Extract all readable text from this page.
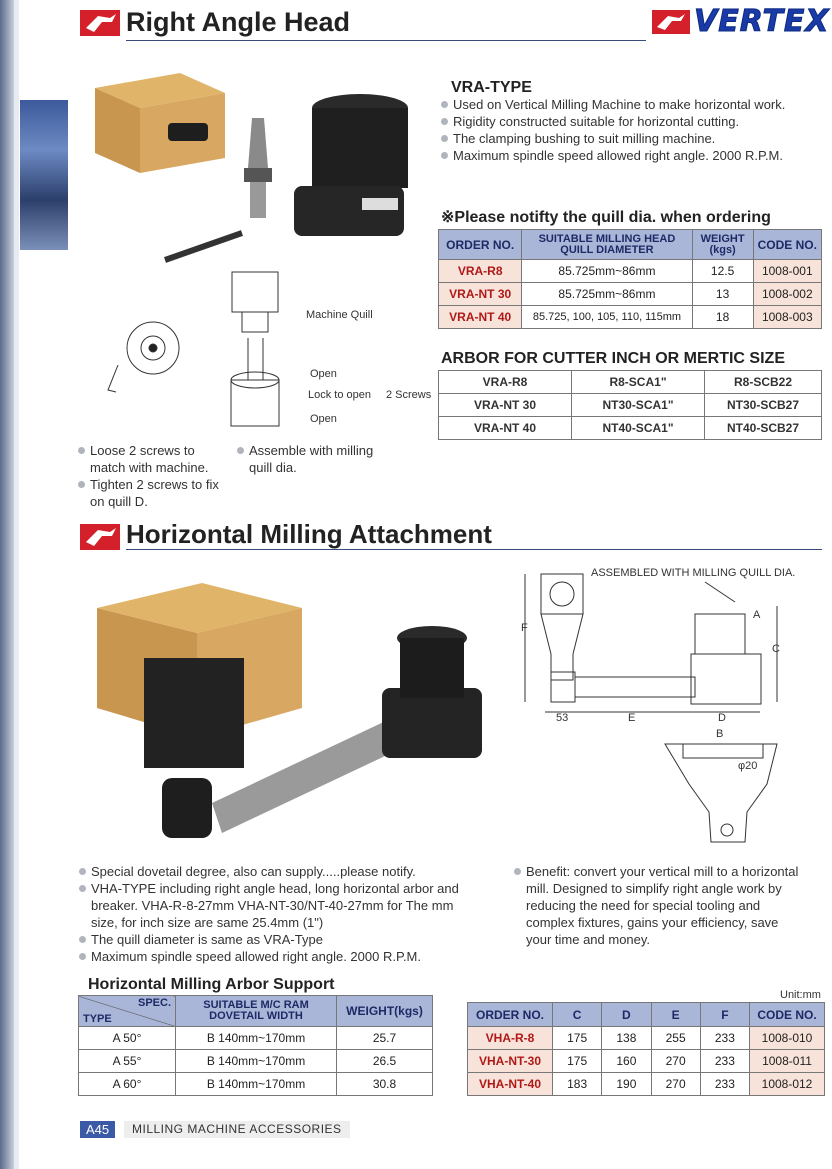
Right Angle Head	VERTEX
VRA-TYPE
Used on Vertical Milling Machine to make horizontal work.
Rigidity constructed suitable for horizontal cutting.
The clamping bushing to suit milling machine.
Maximum spindle speed allowed right angle. 2000 R.P.M.
※Please notifty the quill dia. when ordering
ORDER NO.	SUITABLE MILLING HEAD QUILL DIAMETER	WEIGHT (kgs)	CODE NO.
VRA-R8	85.725mm~86mm	12.5	1008-001
VRA-NT 30	85.725mm~86mm	13	1008-002
VRA-NT 40	85.725, 100, 105, 110, 115mm	18	1008-003
ARBOR FOR CUTTER INCH OR MERTIC SIZE
VRA-R8	R8-SCA1"	R8-SCB22
VRA-NT 30	NT30-SCA1"	NT30-SCB27
VRA-NT 40	NT40-SCA1"	NT40-SCB27
Machine Quill
Open
Lock to open
Open
2 Screws
Loose 2 screws to match with machine.
Tighten 2 screws to fix on quill D.
Assemble with milling quill dia.
Horizontal Milling Attachment
ASSEMBLED WITH MILLING QUILL DIA.
F
C
A
53	E	D
B
φ20
Special dovetail degree, also can supply.....please notify.
VHA-TYPE including right angle head, long horizontal arbor and breaker. VHA-R-8-27mm VHA-NT-30/NT-40-27mm for The mm size, for inch size are same 25.4mm (1")
The quill diameter is same as VRA-Type
Maximum spindle speed allowed right angle. 2000 R.P.M.
Benefit: convert your vertical mill to a horizontal mill. Designed to simplify right angle work by reducing the need for special tooling and complex fixtures, gains your efficiency, save your time and money.
Horizontal Milling Arbor Support
SPEC.
TYPE	SUITABLE M/C RAM DOVETAIL WIDTH	WEIGHT(kgs)
A 50°	B 140mm~170mm	25.7
A 55°	B 140mm~170mm	26.5
A 60°	B 140mm~170mm	30.8
Unit:mm
ORDER NO.	C	D	E	F	CODE NO.
VHA-R-8	175	138	255	233	1008-010
VHA-NT-30	175	160	270	233	1008-011
VHA-NT-40	183	190	270	233	1008-012
A45	MILLING MACHINE ACCESSORIES
